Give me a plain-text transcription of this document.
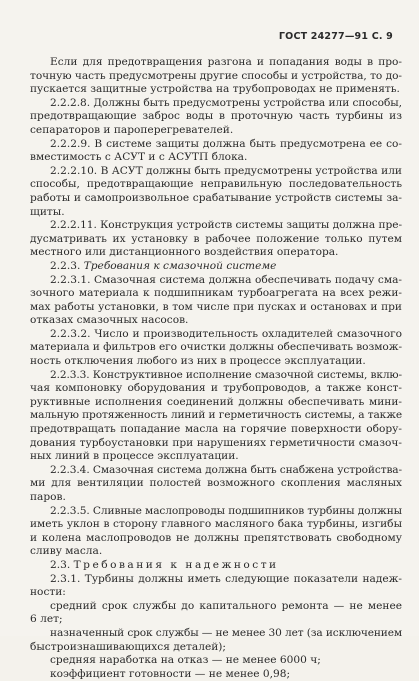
ГОСТ 24277—91 С. 9
Если для предотвращения разгона и попадания воды в про-
точную часть предусмотрены другие способы и устройства, то до-
пускается защитные устройства на трубопроводах не применять.
2.2.2.8. Должны быть предусмотрены устройства или способы,
предотвращающие заброс воды в проточную часть турбины из
сепараторов и пароперегревателей.
2.2.2.9. В системе защиты должна быть предусмотрена ее со-
вместимость с АСУТ и с АСУТП блока.
2.2.2.10. В АСУТ должны быть предусмотрены устройства или
способы, предотвращающие неправильную последовательность
работы и самопроизвольное срабатывание устройств системы за-
щиты.
2.2.2.11. Конструкция устройств системы защиты должна пре-
дусматривать их установку в рабочее положение только путем
местного или дистанционного воздействия оператора.
2.2.3. Требования к смазочной системе
2.2.3.1. Смазочная система должна обеспечивать подачу сма-
зочного материала к подшипникам турбоагрегата на всех режи-
мах работы установки, в том числе при пусках и остановах и при
отказах смазочных насосов.
2.2.3.2. Число и производительность охладителей смазочного
материала и фильтров его очистки должны обеспечивать возмож-
ность отключения любого из них в процессе эксплуатации.
2.2.3.3. Конструктивное исполнение смазочной системы, вклю-
чая компоновку оборудования и трубопроводов, а также конст-
руктивные исполнения соединений должны обеспечивать мини-
мальную протяженность линий и герметичность системы, а также
предотвращать попадание масла на горячие поверхности обору-
дования турбоустановки при нарушениях герметичности смазоч-
ных линий в процессе эксплуатации.
2.2.3.4. Смазочная система должна быть снабжена устройства-
ми для вентиляции полостей возможного скопления масляных
паров.
2.2.3.5. Сливные маслопроводы подшипников турбины должны
иметь уклон в сторону главного масляного бака турбины, изгибы
и колена маслопроводов не должны препятствовать свободному
сливу масла.
2.3. Требования к надежности
2.3.1. Турбины должны иметь следующие показатели надеж-
ности:
средний срок службы до капитального ремонта — не менее
6 лет;
назначенный срок службы — не менее 30 лет (за исключением
быстроизнашивающихся деталей);
средняя наработка на отказ — не менее 6000 ч;
коэффициент готовности — не менее 0,98;
